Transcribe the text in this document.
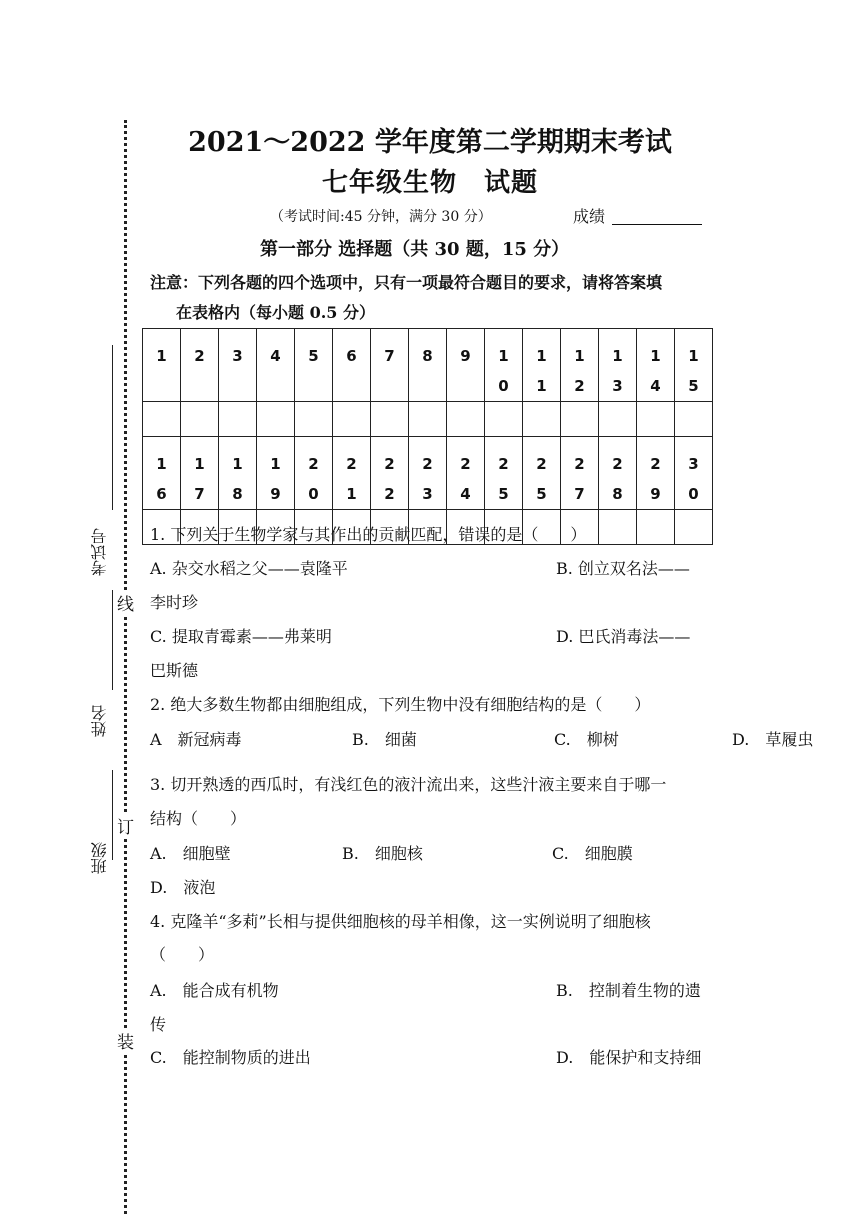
考试号
姓名
班级
线
订
装
2021～2022 学年度第二学期期末考试
七年级生物　试题
（考试时间:45 分钟，满分 30 分）	成绩
第一部分 选择题（共 30 题，15 分）
注意：下列各题的四个选项中，只有一项最符合题目的要求，请将答案填
在表格内（每小题 0.5 分）
1	2	3	4	5	6	7	8	9	10	11	12	13	14	15

16	17	18	19	20	21	22	23	24	25	25	27	28	29	30

1. 下列关于生物学家与其作出的贡献匹配，错误的是（　　）
A. 杂交水稻之父——袁隆平	B. 创立双名法——
李时珍
C. 提取青霉素——弗莱明	D. 巴氏消毒法——
巴斯德
2. 绝大多数生物都由细胞组成，下列生物中没有细胞结构的是（　　）
A　新冠病毒	B.　细菌	C.　柳树	D.　草履虫
3. 切开熟透的西瓜时，有浅红色的液汁流出来，这些汁液主要来自于哪一
结构（　　）
A.　细胞壁	B.　细胞核	C.　细胞膜
D.　液泡
4. 克隆羊“多莉”长相与提供细胞核的母羊相像，这一实例说明了细胞核
（　　）
A.　能合成有机物	B.　控制着生物的遗
传
C.　能控制物质的进出	D.　能保护和支持细
